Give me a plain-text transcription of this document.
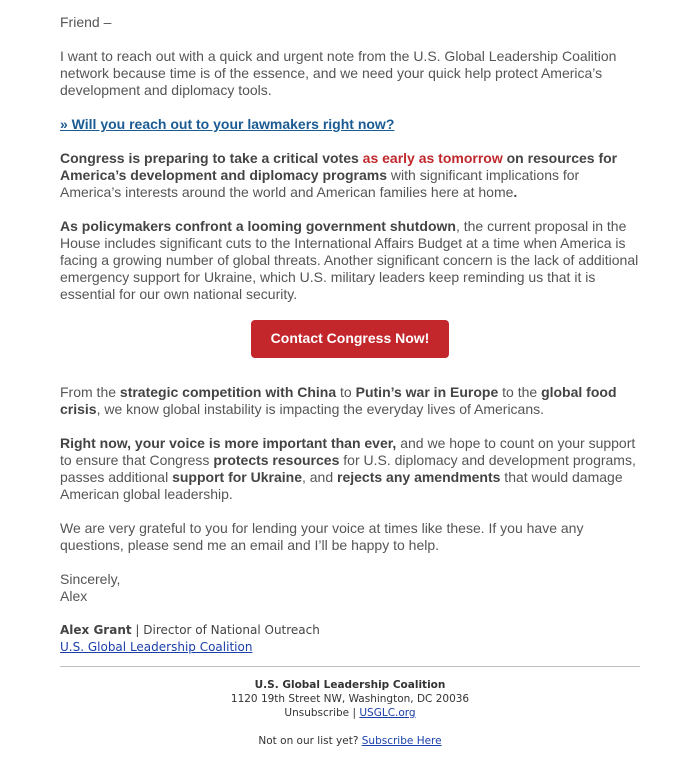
Friend –

I want to reach out with a quick and urgent note from the U.S. Global Leadership Coalition network because time is of the essence, and we need your quick help protect America’s development and diplomacy tools.

» Will you reach out to your lawmakers right now?

Congress is preparing to take a critical votes as early as tomorrow on resources for America’s development and diplomacy programs with significant implications for America’s interests around the world and American families here at home.

As policymakers confront a looming government shutdown, the current proposal in the House includes significant cuts to the International Affairs Budget at a time when America is facing a growing number of global threats. Another significant concern is the lack of additional emergency support for Ukraine, which U.S. military leaders keep reminding us that it is essential for our own national security.

Contact Congress Now!

From the strategic competition with China to Putin’s war in Europe to the global food crisis, we know global instability is impacting the everyday lives of Americans.

Right now, your voice is more important than ever, and we hope to count on your support to ensure that Congress protects resources for U.S. diplomacy and development programs, passes additional support for Ukraine, and rejects any amendments that would damage American global leadership.

We are very grateful to you for lending your voice at times like these. If you have any questions, please send me an email and I’ll be happy to help.

Sincerely,
Alex
Alex Grant | Director of National Outreach
U.S. Global Leadership Coalition
U.S. Global Leadership Coalition
1120 19th Street NW, Washington, DC 20036
Unsubscribe | USGLC.org
Not on our list yet? Subscribe Here
